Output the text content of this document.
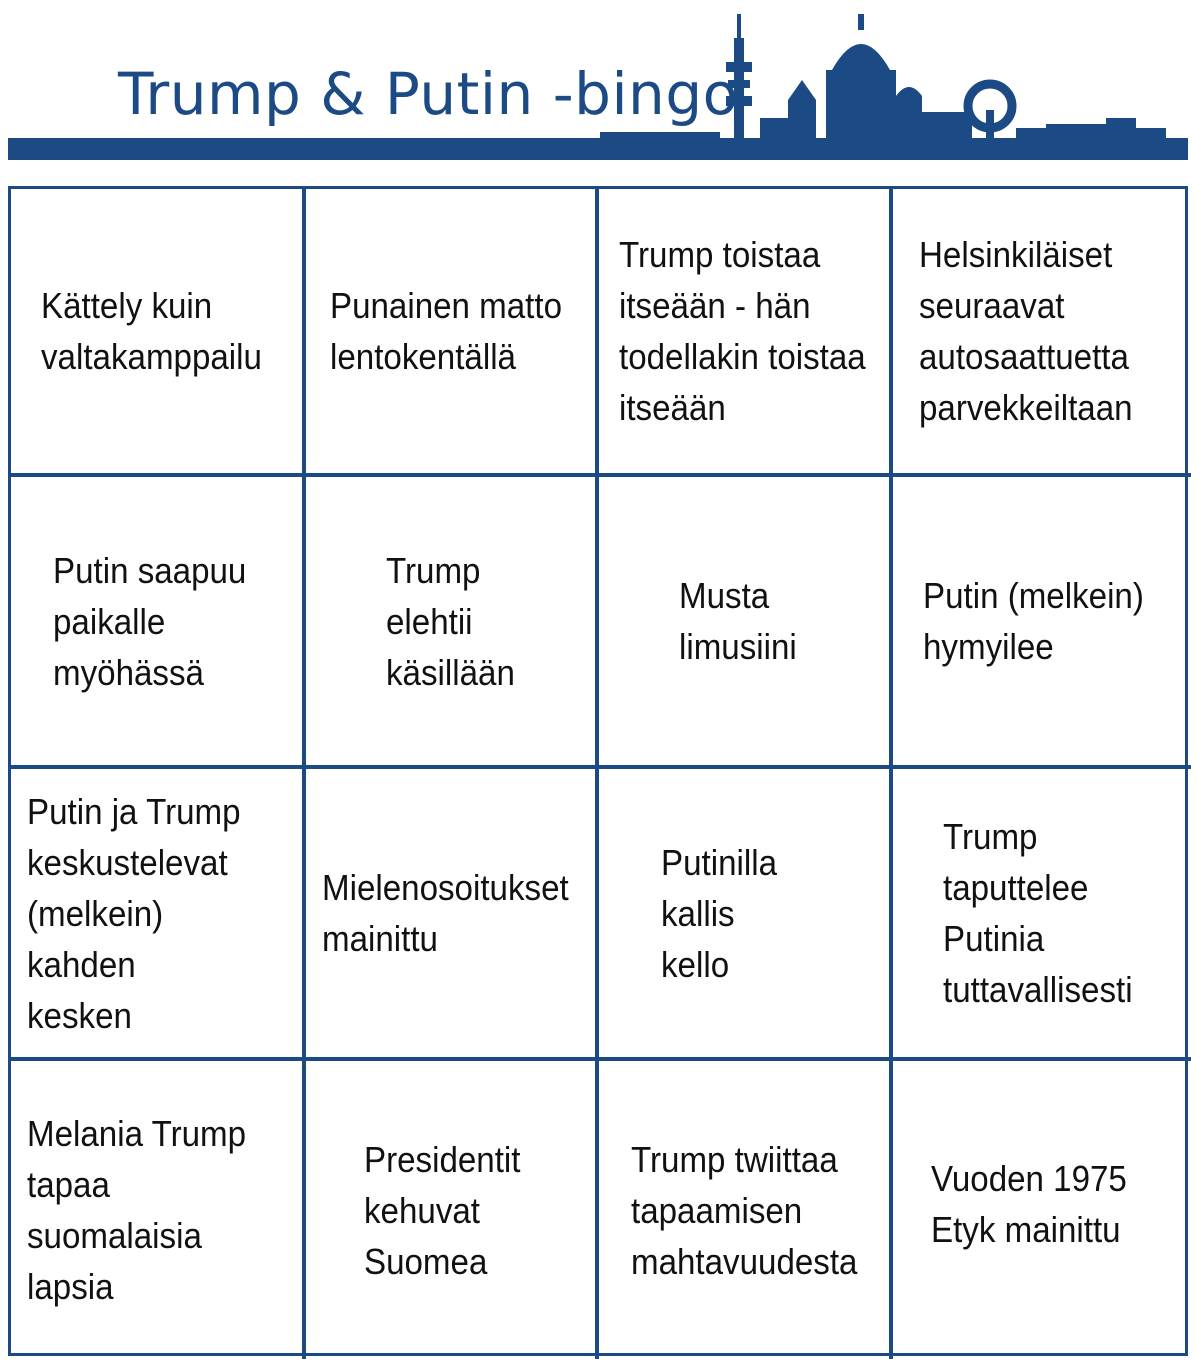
Trump & Putin -bingo
Kättely kuin
valtakamppailu
Punainen matto
lentokentällä
Trump toistaa
itseään - hän
todellakin toistaa
itseään
Helsinkiläiset
seuraavat
autosaattuetta
parvekkeiltaan
Putin saapuu
paikalle
myöhässä
Trump
elehtii
käsillään
Musta
limusiini
Putin (melkein)
hymyilee
Putin ja Trump
keskustelevat
(melkein) kahden
kesken
Mielenosoitukset
mainittu
Putinilla
kallis
kello
Trump
taputtelee
Putinia
tuttavallisesti
Melania Trump
tapaa suomalaisia
lapsia
Presidentit
kehuvat
Suomea
Trump twiittaa
tapaamisen
mahtavuudesta
Vuoden 1975
Etyk mainittu
